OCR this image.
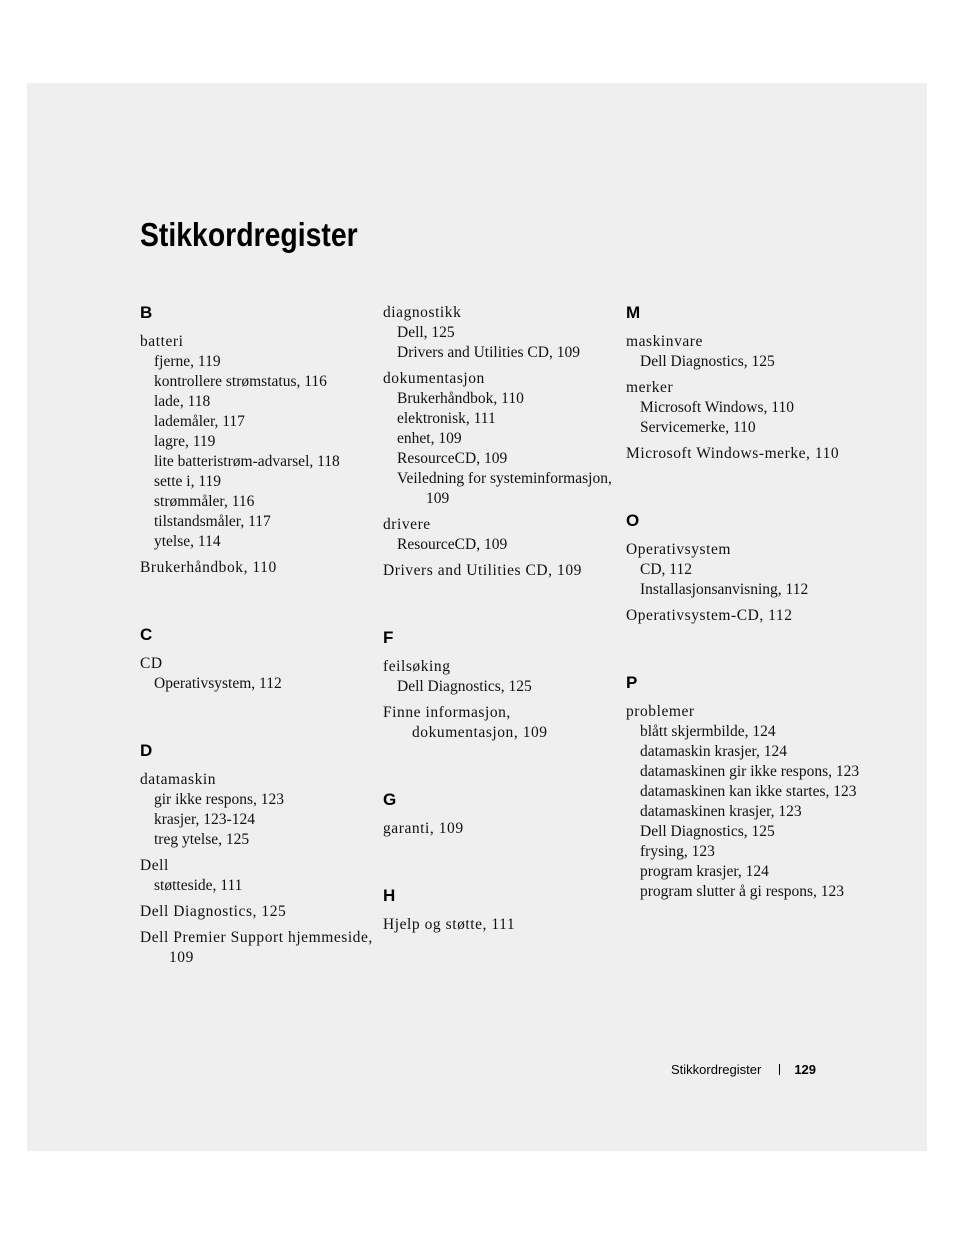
Stikkordregister
B
batteri
fjerne, 119
kontrollere strømstatus, 116
lade, 118
lademåler, 117
lagre, 119
lite batteristrøm-advarsel, 118
sette i, 119
strømmåler, 116
tilstandsmåler, 117
ytelse, 114
Brukerhåndbok, 110
C
CD
Operativsystem, 112
D
datamaskin
gir ikke respons, 123
krasjer, 123-124
treg ytelse, 125
Dell
støtteside, 111
Dell Diagnostics, 125
Dell Premier Support hjemmeside, 109
diagnostikk
Dell, 125
Drivers and Utilities CD, 109
dokumentasjon
Brukerhåndbok, 110
elektronisk, 111
enhet, 109
ResourceCD, 109
Veiledning for systeminformasjon, 109
drivere
ResourceCD, 109
Drivers and Utilities CD, 109
F
feilsøking
Dell Diagnostics, 125
Finne informasjon, dokumentasjon, 109
G
garanti, 109
H
Hjelp og støtte, 111
M
maskinvare
Dell Diagnostics, 125
merker
Microsoft Windows, 110
Servicemerke, 110
Microsoft Windows-merke, 110
O
Operativsystem
CD, 112
Installasjonsanvisning, 112
Operativsystem-CD, 112
P
problemer
blått skjermbilde, 124
datamaskin krasjer, 124
datamaskinen gir ikke respons, 123
datamaskinen kan ikke startes, 123
datamaskinen krasjer, 123
Dell Diagnostics, 125
frysing, 123
program krasjer, 124
program slutter å gi respons, 123
Stikkordregister	129
